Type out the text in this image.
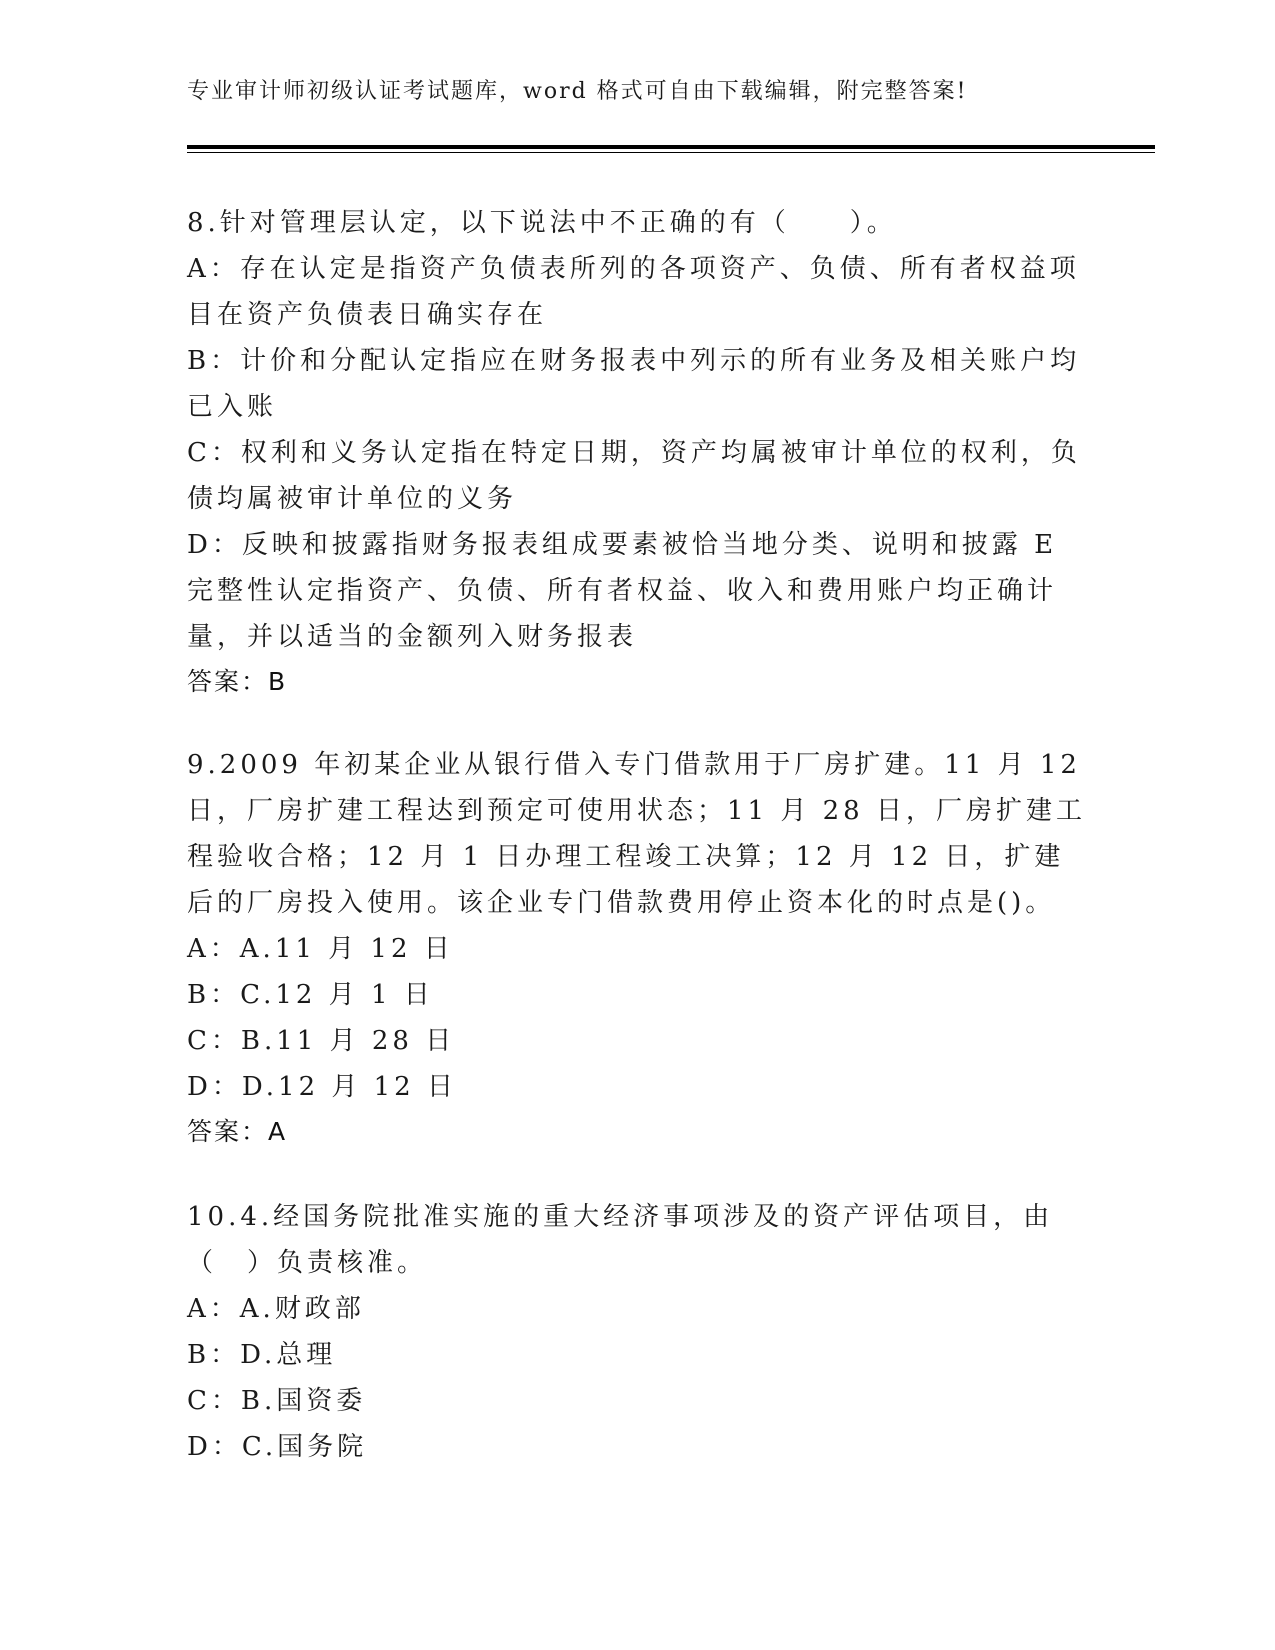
专业审计师初级认证考试题库，word 格式可自由下载编辑，附完整答案!

8.针对管理层认定，以下说法中不正确的有（　　）。

A：存在认定是指资产负债表所列的各项资产、负债、所有者权益项目在资产负债表日确实存在

B：计价和分配认定指应在财务报表中列示的所有业务及相关账户均已入账

C：权利和义务认定指在特定日期，资产均属被审计单位的权利，负债均属被审计单位的义务

D：反映和披露指财务报表组成要素被恰当地分类、说明和披露 E 完整性认定指资产、负债、所有者权益、收入和费用账户均正确计量，并以适当的金额列入财务报表

答案：B

9.2009 年初某企业从银行借入专门借款用于厂房扩建。11 月 12 日，厂房扩建工程达到预定可使用状态；11 月 28 日，厂房扩建工程验收合格；12 月 1 日办理工程竣工决算；12 月 12 日，扩建后的厂房投入使用。该企业专门借款费用停止资本化的时点是()。

A：A.11 月 12 日

B：C.12 月 1 日

C：B.11 月 28 日

D：D.12 月 12 日

答案：A

10.4.经国务院批准实施的重大经济事项涉及的资产评估项目，由（　）负责核准。

A：A.财政部

B：D.总理

C：B.国资委

D：C.国务院
